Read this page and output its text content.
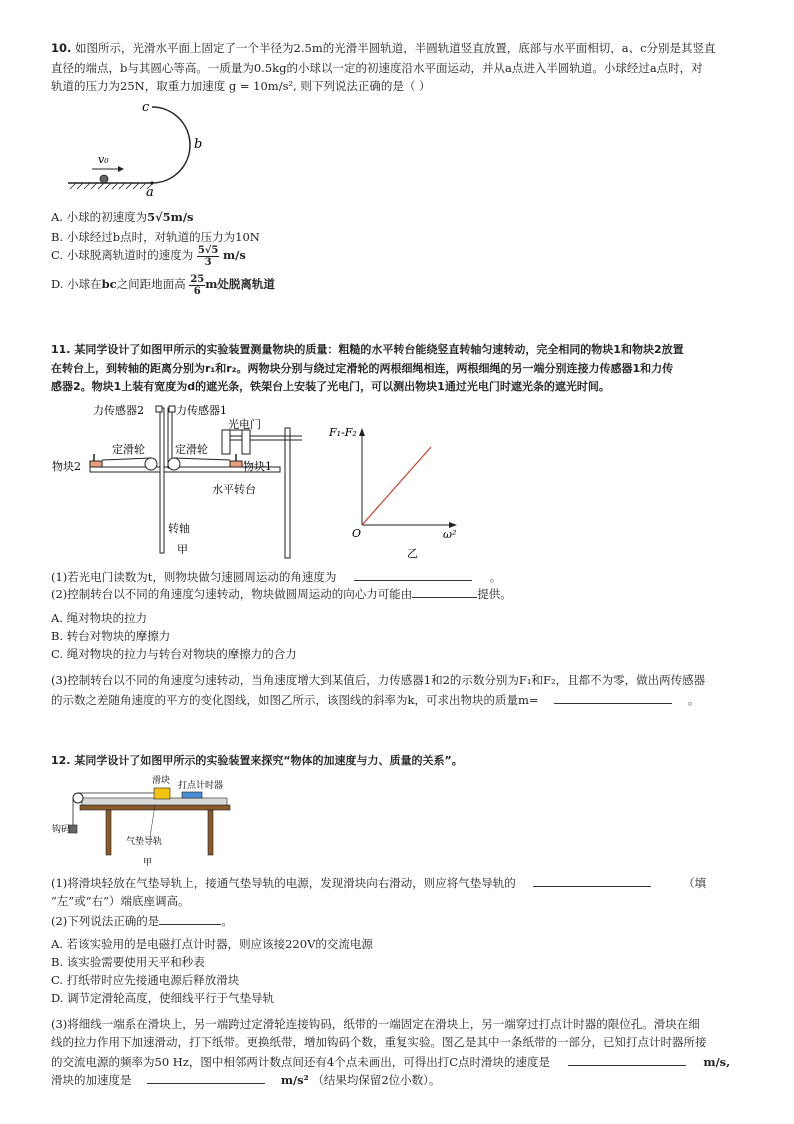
10. 如图所示，光滑水平面上固定了一个半径为2.5m的光滑半圆轨道，半圆轨道竖直放置，底部与水平面相切，a、c分别是其竖直
直径的端点，b与其圆心等高。一质量为0.5kg的小球以一定的初速度沿水平面运动，并从a点进入半圆轨道。小球经过a点时，对
轨道的压力为25N，取重力加速度 g = 10m/s², 则下列说法正确的是（ ）
v₀
a
b
c
A. 小球的初速度为5√5m/s
B. 小球经过b点时，对轨道的压力为10N
C. 小球脱离轨道时的速度为 $\frac{5√5}{3} m/s$
D. 小球在bc之间距地面高 $\frac{25}{6}$ m处脱离轨道
11. 某同学设计了如图甲所示的实验装置测量物块的质量：粗糙的水平转台能绕竖直转轴匀速转动，完全相同的物块1和物块2放置
在转台上，到转轴的距离分别为r₁和r₂。两物块分别与绕过定滑轮的两根细绳相连，两根细绳的另一端分别连接力传感器1和力传
感器2。物块1上装有宽度为d的遮光条，铁架台上安装了光电门，可以测出物块1通过光电门时遮光条的遮光时间。
力传感器2	力传感器1
光电门
定滑轮	定滑轮
物块2	物块1
水平转台
转轴
甲
F₁-F₂
ω²
O
乙
(1)若光电门读数为t，则物块做匀速圆周运动的角速度为	。
(2)控制转台以不同的角速度匀速转动，物块做圆周运动的向心力可能由	提供。
A. 绳对物块的拉力
B. 转台对物块的摩擦力
C. 绳对物块的拉力与转台对物块的摩擦力的合力
(3)控制转台以不同的角速度匀速转动，当角速度增大到某值后，力传感器1和2的示数分别为F₁和F₂，且都不为零，做出两传感器
的示数之差随角速度的平方的变化图线，如图乙所示，该图线的斜率为k，可求出物块的质量m=	。
12. 某同学设计了如图甲所示的实验装置来探究“物体的加速度与力、质量的关系”。
滑块 打点计时器
钩码
气垫导轨
甲
(1)将滑块轻放在气垫导轨上，接通气垫导轨的电源，发现滑块向右滑动，则应将气垫导轨的	（填
“左”或“右”）端底座调高。
(2)下列说法正确的是	。
A. 若该实验用的是电磁打点计时器，则应该接220V的交流电源
B. 该实验需要使用天平和秒表
C. 打纸带时应先接通电源后释放滑块
D. 调节定滑轮高度，使细线平行于气垫导轨
(3)将细线一端系在滑块上，另一端跨过定滑轮连接钩码，纸带的一端固定在滑块上，另一端穿过打点计时器的限位孔。滑块在细
线的拉力作用下加速滑动，打下纸带。更换纸带，增加钩码个数，重复实验。图乙是其中一条纸带的一部分，已知打点计时器所接
的交流电源的频率为50 Hz，图中相邻两计数点间还有4个点未画出，可得出打C点时滑块的速度是	m/s,
滑块的加速度是	m/s² （结果均保留2位小数）。
